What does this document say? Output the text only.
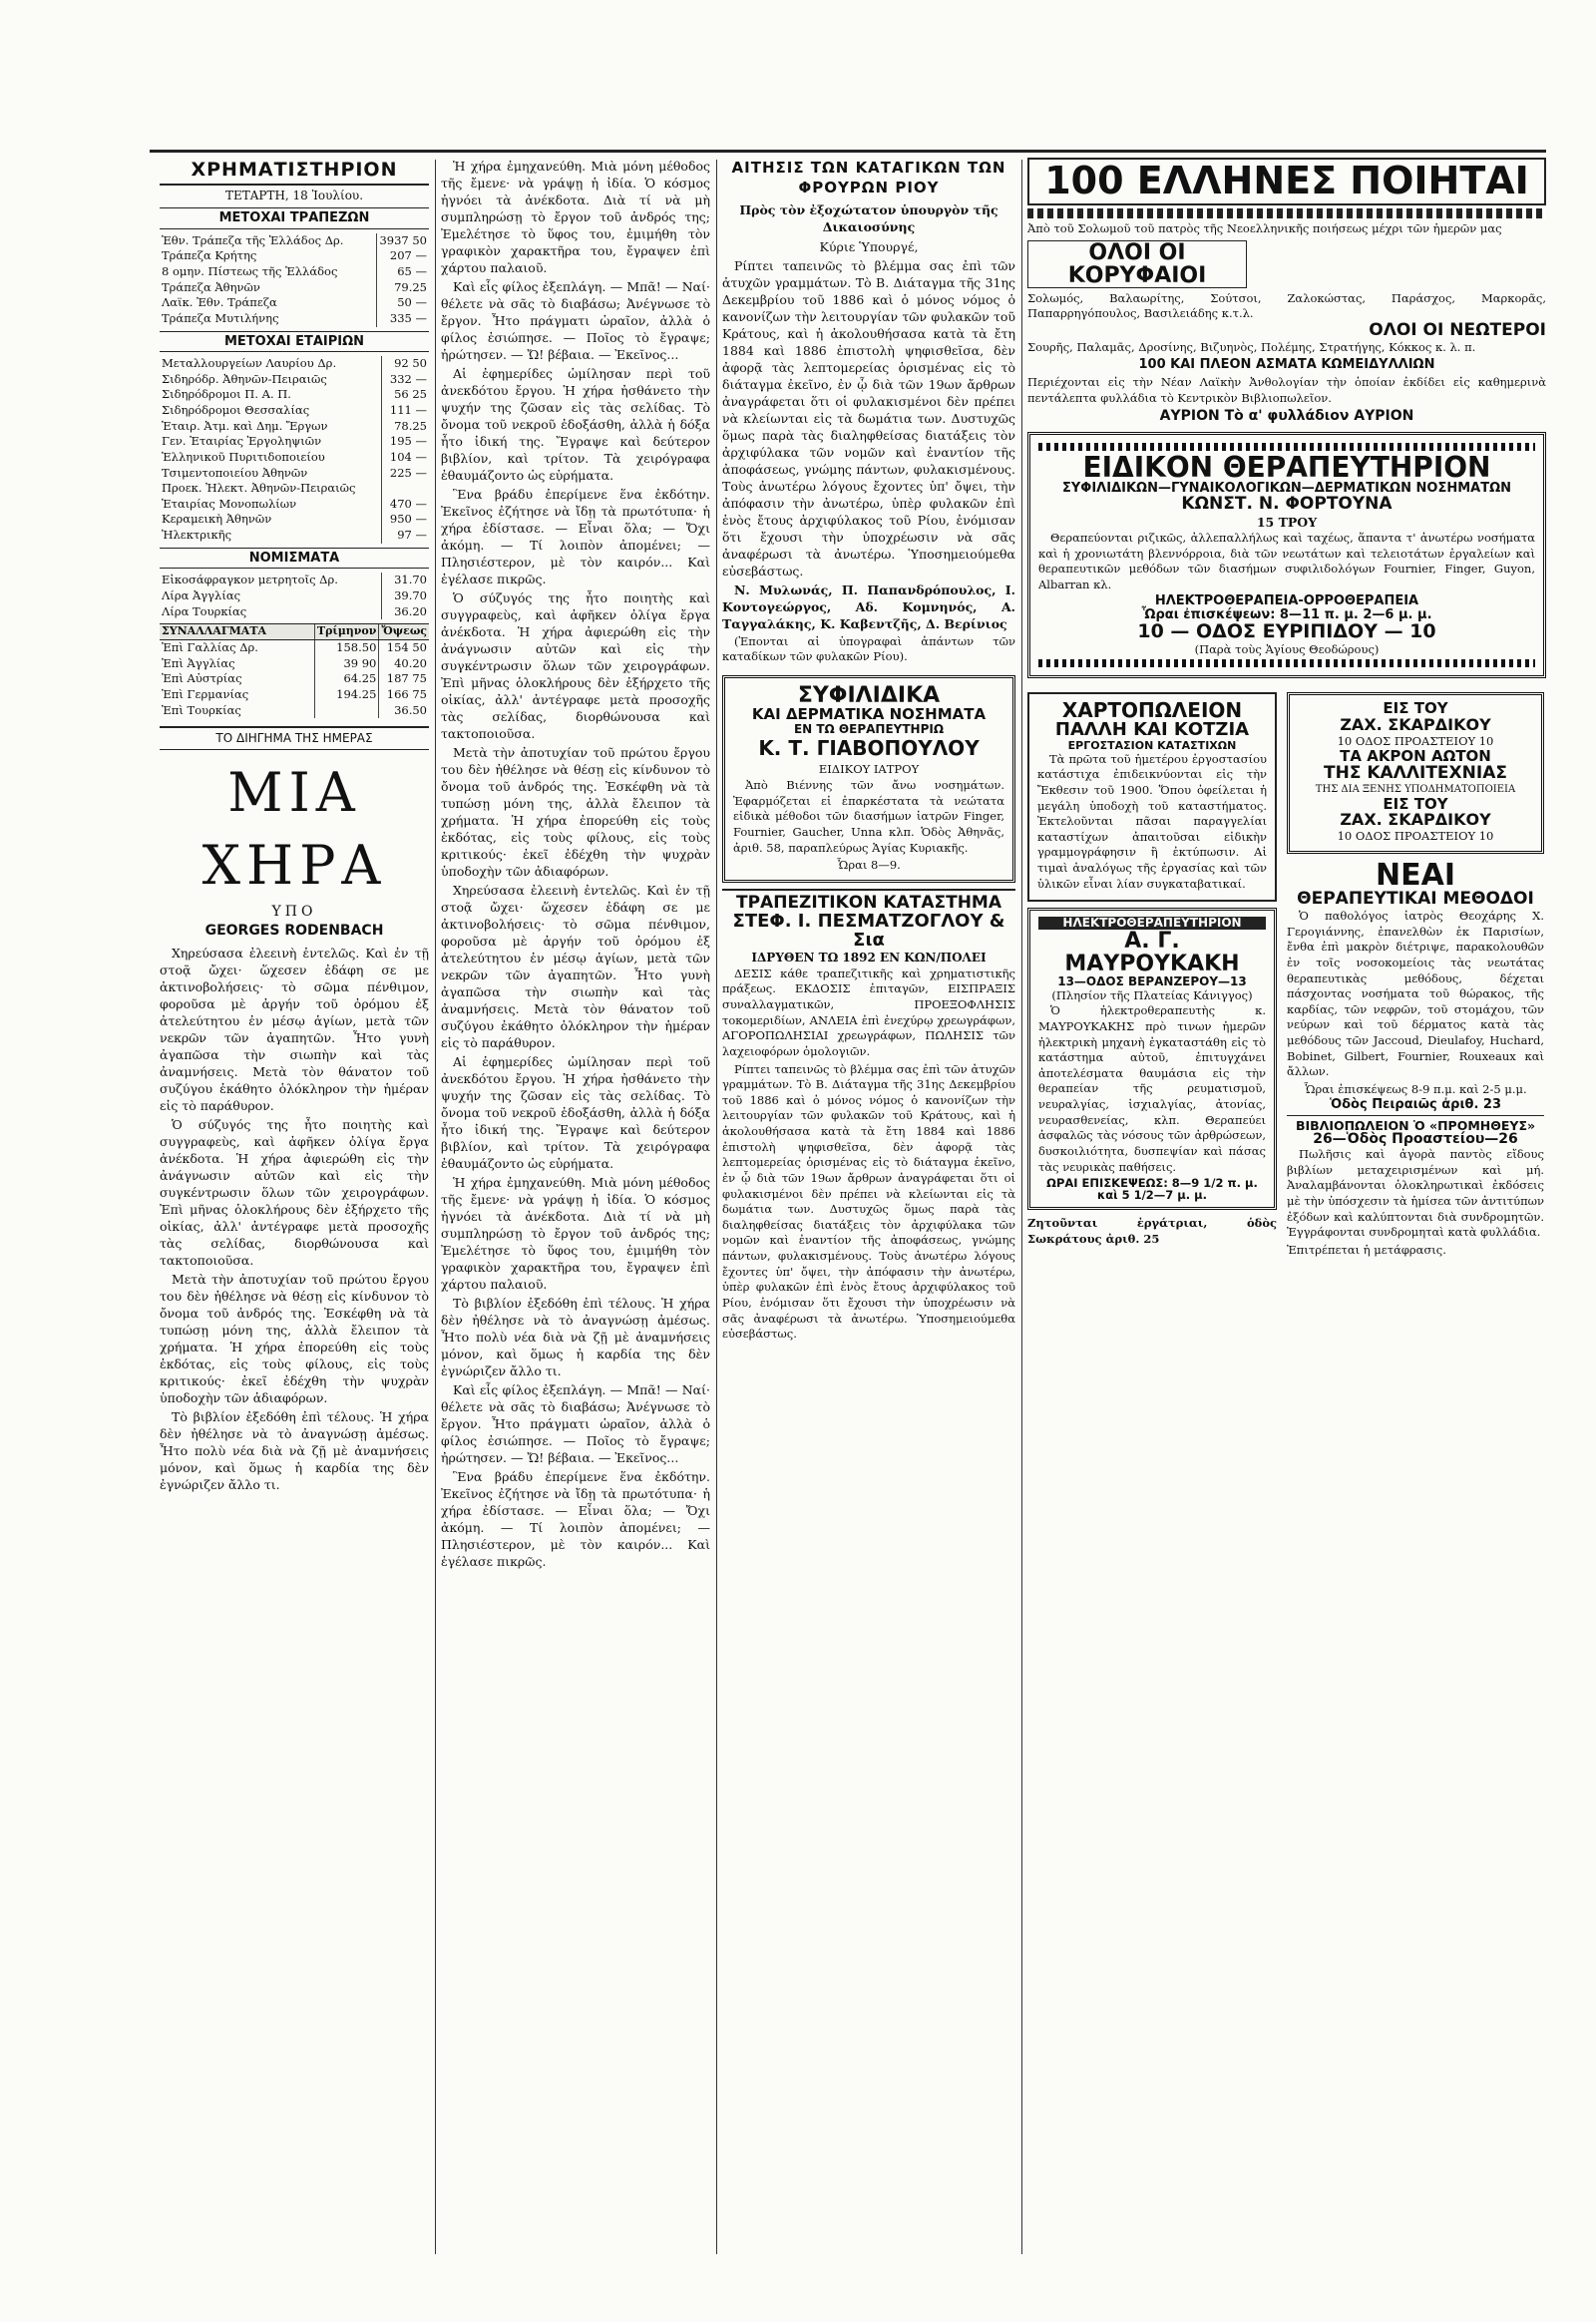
ΧΡΗΜΑΤΙΣΤΗΡΙΟΝ
ΤΕΤΑΡΤΗ, 18 Ἰουλίου.
ΜΕΤΟΧΑΙ ΤΡΑΠΕΖΩΝ
Ἐθν. Τράπεζα τῆς Ἑλλάδος Δρ.	3937 50
Τράπεζα Κρήτης	207 —
8 ομην. Πίστεως τῆς Ἑλλάδος	65 —
Τράπεζα Ἀθηνῶν	79.25
Λαϊκ. Ἐθν. Τράπεζα	50 —
Τράπεζα Μυτιλήνης	335 —
ΜΕΤΟΧΑΙ ΕΤΑΙΡΙΩΝ
Μεταλλουργείων Λαυρίου Δρ.	92 50
Σιδηρόδρ. Ἀθηνῶν-Πειραιῶς	332 —
Σιδηρόδρομοι Π. Α. Π.	56 25
Σιδηρόδρομοι Θεσσαλίας	111 —
Ἑταιρ. Ἀτμ. καὶ Δημ. Ἔργων	78.25
Γεν. Ἑταιρίας Ἐργοληψιῶν	195 —
Ἑλληνικοῦ Πυριτιδοποιείου	104 —
Τσιμεντοποιείου Ἀθηνῶν	225 —
Προεκ. Ἠλεκτ. Ἀθηνῶν-Πειραιῶς	
Ἑταιρίας Μονοπωλίων	470 —
Κεραμεικὴ Ἀθηνῶν	950 —
Ἠλεκτρικῆς	97 —
ΝΟΜΙΣΜΑΤΑ
Εἰκοσάφραγκον μετρητοῖς Δρ.	31.70
Λίρα Ἀγγλίας	39.70
Λίρα Τουρκίας	36.20
ΣΥΝΑΛΛΑΓΜΑΤΑ	Τρίμηνον	Ὄψεως
Ἐπὶ Γαλλίας Δρ.	158.50	154 50
Ἐπὶ Ἀγγλίας	39 90	40.20
Ἐπὶ Αὐστρίας	64.25	187 75
Ἐπὶ Γερμανίας	194.25	166 75
Ἐπὶ Τουρκίας		36.50
ΤΟ ΔΙΗΓΗΜΑ ΤΗΣ ΗΜΕΡΑΣ
ΜΙΑ ΧΗΡΑ
ΥΠΟ
GEORGES RODENBACH

Χηρεύσασα ἐλεεινὴ ἐντελῶς. Καὶ ἐν τῇ στοᾷ ὤχει· ὥχεσεν ἐδάφη σε με ἀκτινοβολήσεις· τὸ σῶμα πένθιμον, φοροῦσα μὲ ἀργήν τοῦ ὀρόμου ἐξ ἀτελεύτητου ἐν μέσῳ ἁγίων, μετὰ τῶν νεκρῶν τῶν ἀγαπητῶν. Ἦτο γυνὴ ἀγαπῶσα τὴν σιωπὴν καὶ τὰς ἀναμνήσεις. Μετὰ τὸν θάνατον τοῦ συζύγου ἐκάθητο ὁλόκληρον τὴν ἡμέραν εἰς τὸ παράθυρον.

Ὁ σύζυγός της ἦτο ποιητὴς καὶ συγγραφεὺς, καὶ ἀφῆκεν ὀλίγα ἔργα ἀνέκδοτα. Ἡ χήρα ἀφιερώθη εἰς τὴν ἀνάγνωσιν αὐτῶν καὶ εἰς τὴν συγκέντρωσιν ὅλων τῶν χειρογράφων. Ἐπὶ μῆνας ὁλοκλήρους δὲν ἐξήρχετο τῆς οἰκίας, ἀλλ' ἀντέγραφε μετὰ προσοχῆς τὰς σελίδας, διορθώνουσα καὶ τακτοποιοῦσα.

Μετὰ τὴν ἀποτυχίαν τοῦ πρώτου ἔργου του δὲν ἠθέλησε νὰ θέσῃ εἰς κίνδυνον τὸ ὄνομα τοῦ ἀνδρός της. Ἐσκέφθη νὰ τὰ τυπώσῃ μόνη της, ἀλλὰ ἔλειπον τὰ χρήματα. Ἡ χήρα ἐπορεύθη εἰς τοὺς ἐκδότας, εἰς τοὺς φίλους, εἰς τοὺς κριτικούς· ἐκεῖ ἐδέχθη τὴν ψυχρὰν ὑποδοχὴν τῶν ἀδιαφόρων.

Τὸ βιβλίον ἐξεδόθη ἐπὶ τέλους. Ἡ χήρα δὲν ἠθέλησε νὰ τὸ ἀναγνώσῃ ἀμέσως. Ἦτο πολὺ νέα διὰ νὰ ζῇ μὲ ἀναμνήσεις μόνον, καὶ ὅμως ἡ καρδία της δὲν ἐγνώριζεν ἄλλο τι.

Ἡ χήρα ἐμηχανεύθη. Μιὰ μόνη μέθοδος τῆς ἔμενε· νὰ γράψῃ ἡ ἰδία. Ὁ κόσμος ἠγνόει τὰ ἀνέκδοτα. Διὰ τί νὰ μὴ συμπληρώσῃ τὸ ἔργον τοῦ ἀνδρός της; Ἐμελέτησε τὸ ὕφος του, ἐμιμήθη τὸν γραφικὸν χαρακτῆρα του, ἔγραψεν ἐπὶ χάρτου παλαιοῦ.

Καὶ εἷς φίλος ἐξεπλάγη. — Μπᾶ! — Ναί· θέλετε νὰ σᾶς τὸ διαβάσω; Ἀνέγνωσε τὸ ἔργον. Ἦτο πράγματι ὡραῖον, ἀλλὰ ὁ φίλος ἐσιώπησε. — Ποῖος τὸ ἔγραψε; ἠρώτησεν. — Ὤ! βέβαια. — Ἐκεῖνος...

Αἱ ἐφημερίδες ὡμίλησαν περὶ τοῦ ἀνεκδότου ἔργου. Ἡ χήρα ἠσθάνετο τὴν ψυχήν της ζῶσαν εἰς τὰς σελίδας. Τὸ ὄνομα τοῦ νεκροῦ ἐδοξάσθη, ἀλλὰ ἡ δόξα ἦτο ἰδική της. Ἔγραψε καὶ δεύτερον βιβλίον, καὶ τρίτον. Τὰ χειρόγραφα ἐθαυμάζοντο ὡς εὑρήματα.

Ἓνα βράδυ ἐπερίμενε ἕνα ἐκδότην. Ἐκεῖνος ἐζήτησε νὰ ἴδῃ τὰ πρωτότυπα· ἡ χήρα ἐδίστασε. — Εἶναι ὅλα; — Ὄχι ἀκόμη. — Τί λοιπὸν ἀπομένει; — Πλησιέστερον, μὲ τὸν καιρόν... Καὶ ἐγέλασε πικρῶς.

Ὁ σύζυγός της ἦτο ποιητὴς καὶ συγγραφεὺς, καὶ ἀφῆκεν ὀλίγα ἔργα ἀνέκδοτα. Ἡ χήρα ἀφιερώθη εἰς τὴν ἀνάγνωσιν αὐτῶν καὶ εἰς τὴν συγκέντρωσιν ὅλων τῶν χειρογράφων. Ἐπὶ μῆνας ὁλοκλήρους δὲν ἐξήρχετο τῆς οἰκίας, ἀλλ' ἀντέγραφε μετὰ προσοχῆς τὰς σελίδας, διορθώνουσα καὶ τακτοποιοῦσα.

Μετὰ τὴν ἀποτυχίαν τοῦ πρώτου ἔργου του δὲν ἠθέλησε νὰ θέσῃ εἰς κίνδυνον τὸ ὄνομα τοῦ ἀνδρός της. Ἐσκέφθη νὰ τὰ τυπώσῃ μόνη της, ἀλλὰ ἔλειπον τὰ χρήματα. Ἡ χήρα ἐπορεύθη εἰς τοὺς ἐκδότας, εἰς τοὺς φίλους, εἰς τοὺς κριτικούς· ἐκεῖ ἐδέχθη τὴν ψυχρὰν ὑποδοχὴν τῶν ἀδιαφόρων.

Χηρεύσασα ἐλεεινὴ ἐντελῶς. Καὶ ἐν τῇ στοᾷ ὤχει· ὥχεσεν ἐδάφη σε με ἀκτινοβολήσεις· τὸ σῶμα πένθιμον, φοροῦσα μὲ ἀργήν τοῦ ὀρόμου ἐξ ἀτελεύτητου ἐν μέσῳ ἁγίων, μετὰ τῶν νεκρῶν τῶν ἀγαπητῶν. Ἦτο γυνὴ ἀγαπῶσα τὴν σιωπὴν καὶ τὰς ἀναμνήσεις. Μετὰ τὸν θάνατον τοῦ συζύγου ἐκάθητο ὁλόκληρον τὴν ἡμέραν εἰς τὸ παράθυρον.

Αἱ ἐφημερίδες ὡμίλησαν περὶ τοῦ ἀνεκδότου ἔργου. Ἡ χήρα ἠσθάνετο τὴν ψυχήν της ζῶσαν εἰς τὰς σελίδας. Τὸ ὄνομα τοῦ νεκροῦ ἐδοξάσθη, ἀλλὰ ἡ δόξα ἦτο ἰδική της. Ἔγραψε καὶ δεύτερον βιβλίον, καὶ τρίτον. Τὰ χειρόγραφα ἐθαυμάζοντο ὡς εὑρήματα.

Ἡ χήρα ἐμηχανεύθη. Μιὰ μόνη μέθοδος τῆς ἔμενε· νὰ γράψῃ ἡ ἰδία. Ὁ κόσμος ἠγνόει τὰ ἀνέκδοτα. Διὰ τί νὰ μὴ συμπληρώσῃ τὸ ἔργον τοῦ ἀνδρός της; Ἐμελέτησε τὸ ὕφος του, ἐμιμήθη τὸν γραφικὸν χαρακτῆρα του, ἔγραψεν ἐπὶ χάρτου παλαιοῦ.

Τὸ βιβλίον ἐξεδόθη ἐπὶ τέλους. Ἡ χήρα δὲν ἠθέλησε νὰ τὸ ἀναγνώσῃ ἀμέσως. Ἦτο πολὺ νέα διὰ νὰ ζῇ μὲ ἀναμνήσεις μόνον, καὶ ὅμως ἡ καρδία της δὲν ἐγνώριζεν ἄλλο τι.

Καὶ εἷς φίλος ἐξεπλάγη. — Μπᾶ! — Ναί· θέλετε νὰ σᾶς τὸ διαβάσω; Ἀνέγνωσε τὸ ἔργον. Ἦτο πράγματι ὡραῖον, ἀλλὰ ὁ φίλος ἐσιώπησε. — Ποῖος τὸ ἔγραψε; ἠρώτησεν. — Ὤ! βέβαια. — Ἐκεῖνος...

Ἓνα βράδυ ἐπερίμενε ἕνα ἐκδότην. Ἐκεῖνος ἐζήτησε νὰ ἴδῃ τὰ πρωτότυπα· ἡ χήρα ἐδίστασε. — Εἶναι ὅλα; — Ὄχι ἀκόμη. — Τί λοιπὸν ἀπομένει; — Πλησιέστερον, μὲ τὸν καιρόν... Καὶ ἐγέλασε πικρῶς.

ΑΙΤΗΣΙΣ ΤΩΝ ΚΑΤΑΓΙΚΩΝ ΤΩΝ ΦΡΟΥΡΩΝ ΡΙΟΥ
Πρὸς τὸν ἐξοχώτατον ὑπουργὸν τῆς Δικαιοσύνης
Κύριε Ὑπουργέ,

Ρίπτει ταπεινῶς τὸ βλέμμα σας ἐπὶ τῶν ἀτυχῶν γραμμάτων. Τὸ Β. Διάταγμα τῆς 31ης Δεκεμβρίου τοῦ 1886 καὶ ὁ μόνος νόμος ὁ κανονίζων τὴν λειτουργίαν τῶν φυλακῶν τοῦ Κράτους, καὶ ἡ ἀκολουθήσασα κατὰ τὰ ἔτη 1884 καὶ 1886 ἐπιστολὴ ψηφισθεῖσα, δὲν ἀφορᾷ τὰς λεπτομερείας ὁρισμένας εἰς τὸ διάταγμα ἐκεῖνο, ἐν ᾧ διὰ τῶν 19ων ἄρθρων ἀναγράφεται ὅτι οἱ φυλακισμένοι δὲν πρέπει νὰ κλείωνται εἰς τὰ δωμάτια των. Δυστυχῶς ὅμως παρὰ τὰς διαληφθείσας διατάξεις τὸν ἀρχιφύλακα τῶν νομῶν καὶ ἐναντίον τῆς ἀποφάσεως, γνώμης πάντων, φυλακισμένους. Τοὺς ἀνωτέρω λόγους ἔχοντες ὑπ' ὄψει, τὴν ἀπόφασιν τὴν ἀνωτέρω, ὑπὲρ φυλακῶν ἐπὶ ἑνὸς ἔτους ἀρχιφύλακος τοῦ Ρίου, ἐνόμισαν ὅτι ἔχουσι τὴν ὑποχρέωσιν νὰ σᾶς ἀναφέρωσι τὰ ἀνωτέρω. Ὑποσημειούμεθα εὐσεβάστως.

Ν. Μυλωνάς, Π. Παπανδρόπουλος, Ι. Κοντογεώργος, Αδ. Κομνηνός, Α. Ταγγαλάκης, Κ. Καβεντζῆς, Δ. Βερίνιος

(Ἐπονται αἱ ὑπογραφαὶ ἁπάντων τῶν καταδίκων τῶν φυλακῶν Ρίου).

ΣΥΦΙΛΙΔΙΚΑ
ΚΑΙ ΔΕΡΜΑΤΙΚΑ ΝΟΣΗΜΑΤΑ
ΕΝ ΤΩ ΘΕΡΑΠΕΥΤΗΡΙΩ
Κ. Τ. ΓΙΑΒΟΠΟΥΛΟΥ
ΕΙΔΙΚΟΥ ΙΑΤΡΟΥ

Ἀπὸ Βιέννης τῶν ἄνω νοσημάτων. Ἐφαρμόζεται εἰ ἐπαρκέστατα τὰ νεώτατα εἰδικὰ μέθοδοι τῶν διασήμων ἰατρῶν Finger, Fournier, Gaucher, Unna κλπ. Ὁδὸς Ἀθηνᾶς, ἀριθ. 58, παραπλεύρως Ἁγίας Κυριακῆς.

Ὧραι 8—9.
ΤΡΑΠΕΖΙΤΙΚΟΝ ΚΑΤΑΣΤΗΜΑ
ΣΤΕΦ. Ι. ΠΕΣΜΑΤΖΟΓΛΟΥ & Σια
ΙΔΡΥΘΕΝ ΤΩ 1892 ΕΝ ΚΩΝ/ΠΟΛΕΙ

ΔΕΣΙΣ κάθε τραπεζιτικῆς καὶ χρηματιστικῆς πράξεως. ΕΚΔΟΣΙΣ ἐπιταγῶν, ΕΙΣΠΡΑΞΙΣ συναλλαγματικῶν, ΠΡΟΕΞΟΦΛΗΣΙΣ τοκομεριδίων, ΑΝΛΕΙΑ ἐπὶ ἐνεχύρῳ χρεωγράφων, ΑΓΟΡΟΠΩΛΗΣΙΑΙ χρεωγράφων, ΠΩΛΗΣΙΣ τῶν λαχειοφόρων ὁμολογιῶν.

Ρίπτει ταπεινῶς τὸ βλέμμα σας ἐπὶ τῶν ἀτυχῶν γραμμάτων. Τὸ Β. Διάταγμα τῆς 31ης Δεκεμβρίου τοῦ 1886 καὶ ὁ μόνος νόμος ὁ κανονίζων τὴν λειτουργίαν τῶν φυλακῶν τοῦ Κράτους, καὶ ἡ ἀκολουθήσασα κατὰ τὰ ἔτη 1884 καὶ 1886 ἐπιστολὴ ψηφισθεῖσα, δὲν ἀφορᾷ τὰς λεπτομερείας ὁρισμένας εἰς τὸ διάταγμα ἐκεῖνο, ἐν ᾧ διὰ τῶν 19ων ἄρθρων ἀναγράφεται ὅτι οἱ φυλακισμένοι δὲν πρέπει νὰ κλείωνται εἰς τὰ δωμάτια των. Δυστυχῶς ὅμως παρὰ τὰς διαληφθείσας διατάξεις τὸν ἀρχιφύλακα τῶν νομῶν καὶ ἐναντίον τῆς ἀποφάσεως, γνώμης πάντων, φυλακισμένους. Τοὺς ἀνωτέρω λόγους ἔχοντες ὑπ' ὄψει, τὴν ἀπόφασιν τὴν ἀνωτέρω, ὑπὲρ φυλακῶν ἐπὶ ἑνὸς ἔτους ἀρχιφύλακος τοῦ Ρίου, ἐνόμισαν ὅτι ἔχουσι τὴν ὑποχρέωσιν νὰ σᾶς ἀναφέρωσι τὰ ἀνωτέρω. Ὑποσημειούμεθα εὐσεβάστως.

100 ΕΛΛΗΝΕΣ ΠΟΙΗΤΑΙ
Ἀπὸ τοῦ Σολωμοῦ τοῦ πατρὸς τῆς Νεοελληνικῆς ποιήσεως μέχρι τῶν ἡμερῶν μας
ΟΛΟΙ ΟΙ ΚΟΡΥΦΑΙΟΙ
Σολωμός, Βαλαωρίτης, Σούτσοι, Ζαλοκώστας, Παράσχος, Μαρκορᾶς, Παπαρρηγόπουλος, Βασιλειάδης κ.τ.λ.
ΟΛΟΙ ΟΙ ΝΕΩΤΕΡΟΙ
Σουρῆς, Παλαμᾶς, Δροσίνης, Βιζυηνὸς, Πολέμης, Στρατήγης, Κόκκος κ. λ. π.
100 ΚΑΙ ΠΛΕΟΝ ΑΣΜΑΤΑ ΚΩΜΕΙΔΥΛΛΙΩΝ
Περιέχονται εἰς τὴν Νέαν Λαϊκὴν Ἀνθολογίαν τὴν ὁποίαν ἐκδίδει εἰς καθημερινὰ πεντάλεπτα φυλλάδια τὸ Κεντρικὸν Βιβλιοπωλεῖον.
ΑΥΡΙΟΝ Τὸ α' φυλλάδιον ΑΥΡΙΟΝ
ΕΙΔΙΚΟΝ ΘΕΡΑΠΕΥΤΗΡΙΟΝ
ΣΥΦΙΛΙΔΙΚΩΝ—ΓΥΝΑΙΚΟΛΟΓΙΚΩΝ—ΔΕΡΜΑΤΙΚΩΝ ΝΟΣΗΜΑΤΩΝ
ΚΩΝΣΤ. Ν. ΦΟΡΤΟΥΝΑ
15 ΤΡΟΥ

Θεραπεύονται ριζικῶς, ἀλλεπαλλήλως καὶ ταχέως, ἅπαντα τ' ἀνωτέρω νοσήματα καὶ ἡ χρονιωτάτη βλεννόρροια, διὰ τῶν νεωτάτων καὶ τελειοτάτων ἐργαλείων καὶ θεραπευτικῶν μεθόδων τῶν διασήμων συφιλιδολόγων Fournier, Finger, Guyon, Albarran κλ.

ΗΛΕΚΤΡΟΘΕΡΑΠΕΙΑ-ΟΡΡΟΘΕΡΑΠΕΙΑ
Ὧραι ἐπισκέψεων: 8—11 π. μ. 2—6 μ. μ.
10 — ΟΔΟΣ ΕΥΡΙΠΙΔΟΥ — 10
(Παρὰ τοὺς Ἁγίους Θεοδώρους)
ΧΑΡΤΟΠΩΛΕΙΟΝ
ΠΑΛΛΗ ΚΑΙ ΚΟΤΖΙΑ
ΕΡΓΟΣΤΑΣΙΟΝ ΚΑΤΑΣΤΙΧΩΝ

Τὰ πρῶτα τοῦ ἡμετέρου ἐργοστασίου κατάστιχα ἐπιδεικνύονται εἰς τὴν Ἔκθεσιν τοῦ 1900. Ὅπου ὀφείλεται ἡ μεγάλη ὑποδοχὴ τοῦ καταστήματος. Ἐκτελοῦνται πᾶσαι παραγγελίαι καταστίχων ἀπαιτοῦσαι εἰδικὴν γραμμογράφησιν ἢ ἐκτύπωσιν. Αἱ τιμαὶ ἀναλόγως τῆς ἐργασίας καὶ τῶν ὑλικῶν εἶναι λίαν συγκαταβατικαί.

ΗΛΕΚΤΡΟΘΕΡΑΠΕΥΤΗΡΙΟΝ
Α. Γ. ΜΑΥΡΟΥΚΑΚΗ
13—ΟΔΟΣ ΒΕΡΑΝΖΕΡΟΥ—13
(Πλησίον τῆς Πλατείας Κάνιγγος)

Ὁ ἠλεκτροθεραπευτὴς κ. ΜΑΥΡΟΥΚΑΚΗΣ πρὸ τινων ἡμερῶν ἠλεκτρικὴ μηχανὴ ἐγκαταστάθη εἰς τὸ κατάστημα αὐτοῦ, ἐπιτυγχάνει ἀποτελέσματα θαυμάσια εἰς τὴν θεραπείαν τῆς ρευματισμοῦ, νευραλγίας, ἰσχιαλγίας, ἀτονίας, νευρασθενείας, κλπ. Θεραπεύει ἀσφαλῶς τὰς νόσους τῶν ἀρθρώσεων, δυσκοιλιότητα, δυσπεψίαν καὶ πάσας τὰς νευρικὰς παθήσεις.

ΩΡΑΙ ΕΠΙΣΚΕΨΕΩΣ: 8—9 1/2 π. μ. καὶ 5 1/2—7 μ. μ.
Ζητοῦνται ἐργάτριαι, ὁδὸς Σωκράτους ἀριθ. 25
ΕΙΣ ΤΟΥ
ΖΑΧ. ΣΚΑΡΔΙΚΟΥ
10 ΟΔΟΣ ΠΡΟΑΣΤΕΙΟΥ 10
ΤΑ ΑΚΡΟΝ ΑΩΤΟΝ
ΤΗΣ ΚΑΛΛΙΤΕΧΝΙΑΣ
ΤΗΣ ΔΙΑ ΞΕΝΗΣ ΥΠΟΔΗΜΑΤΟΠΟΙΕΙΑ
ΕΙΣ ΤΟΥ
ΖΑΧ. ΣΚΑΡΔΙΚΟΥ
10 ΟΔΟΣ ΠΡΟΑΣΤΕΙΟΥ 10
ΝΕΑΙ
ΘΕΡΑΠΕΥΤΙΚΑΙ ΜΕΘΟΔΟΙ

Ὁ παθολόγος ἰατρὸς Θεοχάρης Χ. Γερογιάννης, ἐπανελθὼν ἐκ Παρισίων, ἔνθα ἐπὶ μακρὸν διέτριψε, παρακολουθῶν ἐν τοῖς νοσοκομείοις τὰς νεωτάτας θεραπευτικὰς μεθόδους, δέχεται πάσχοντας νοσήματα τοῦ θώρακος, τῆς καρδίας, τῶν νεφρῶν, τοῦ στομάχου, τῶν νεύρων καὶ τοῦ δέρματος κατὰ τὰς μεθόδους τῶν Jaccoud, Dieulafoy, Huchard, Bobinet, Gilbert, Fournier, Rouxeaux καὶ ἄλλων.

Ὧραι ἐπισκέψεως 8-9 π.μ. καὶ 2-5 μ.μ.
Ὁδὸς Πειραιῶς ἀριθ. 23
ΒΙΒΛΙΟΠΩΛΕΙΟΝ Ὁ «ΠΡΟΜΗΘΕΥΣ»
26—Ὁδὸς Προαστείου—26

Πωλῆσις καὶ ἀγορὰ παντὸς εἴδους βιβλίων μεταχειρισμένων καὶ μή. Ἀναλαμβάνονται ὁλοκληρωτικαὶ ἐκδόσεις μὲ τὴν ὑπόσχεσιν τὰ ἡμίσεα τῶν ἀντιτύπων ἐξόδων καὶ καλύπτονται διὰ συνδρομητῶν. Ἐγγράφονται συνδρομηταὶ κατὰ φυλλάδια.

Ἐπιτρέπεται ἡ μετάφρασις.
